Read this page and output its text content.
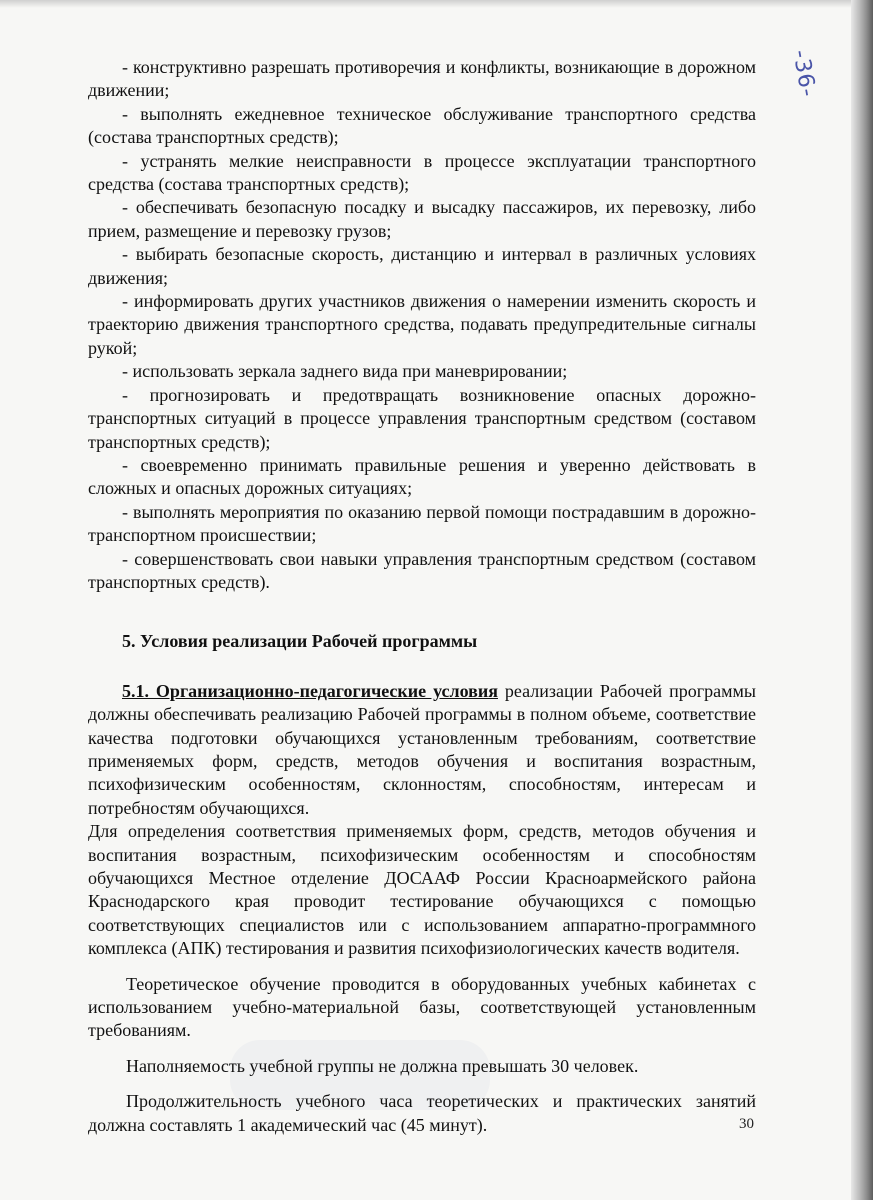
-36-

- конструктивно разрешать противоречия и конфликты, возникающие в дорожном движении;

- выполнять ежедневное техническое обслуживание транспортного средства (состава транспортных средств);

- устранять мелкие неисправности в процессе эксплуатации транспортного средства (состава транспортных средств);

- обеспечивать безопасную посадку и высадку пассажиров, их перевозку, либо прием, размещение и перевозку грузов;

- выбирать безопасные скорость, дистанцию и интервал в различных условиях движения;

- информировать других участников движения о намерении изменить скорость и траекторию движения транспортного средства, подавать предупредительные сигналы рукой;

- использовать зеркала заднего вида при маневрировании;

- прогнозировать и предотвращать возникновение опасных дорожно-транспортных ситуаций в процессе управления транспортным средством (составом транспортных средств);

- своевременно принимать правильные решения и уверенно действовать в сложных и опасных дорожных ситуациях;

- выполнять мероприятия по оказанию первой помощи пострадавшим в дорожно-транспортном происшествии;

- совершенствовать свои навыки управления транспортным средством (составом транспортных средств).

5. Условия реализации Рабочей программы

5.1. Организационно-педагогические условия реализации Рабочей программы должны обеспечивать реализацию Рабочей программы в полном объеме, соответствие качества подготовки обучающихся установленным требованиям, соответствие применяемых форм, средств, методов обучения и воспитания возрастным, психофизическим особенностям, склонностям, способностям, интересам и потребностям обучающихся.

Для определения соответствия применяемых форм, средств, методов обучения и воспитания возрастным, психофизическим особенностям и способностям обучающихся Местное отделение ДОСААФ России Красноармейского района Краснодарского края проводит тестирование обучающихся с помощью соответствующих специалистов или с использованием аппаратно-программного комплекса (АПК) тестирования и развития психофизиологических качеств водителя.

Теоретическое обучение проводится в оборудованных учебных кабинетах с использованием учебно-материальной базы, соответствующей установленным требованиям.

Наполняемость учебной группы не должна превышать 30 человек.

Продолжительность учебного часа теоретических и практических занятий должна составлять 1 академический час (45 минут).	30
